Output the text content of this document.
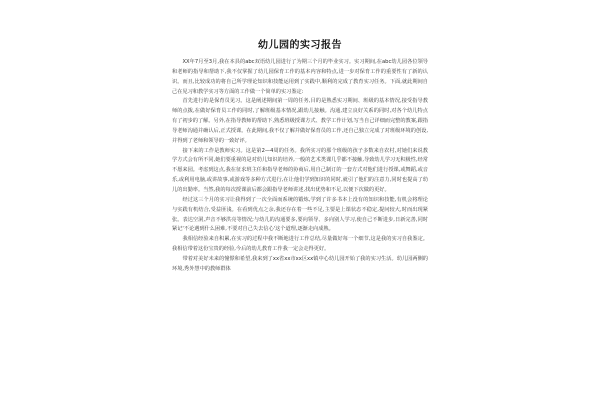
幼儿园的实习报告

XX年7月至3月,我在本县的abc双语幼儿园进行了为期三个月的毕业实习。实习期间,在abc幼儿园各位领导和老师的指导和帮助下,我不仅掌握了幼儿园保育工作的基本内容和特点,进一步对保育工作的重要性有了新的认识。而且,比较成功的将自己所学理论知识和技能运用到了实践中,顺利的完成了教育实习任务。下面,就此期间自己在见习和教学实习等方面的工作做一个简单的实习鉴定:

首先进行的是保育员见习。这是阐述期间第一周的任务,目的是熟悉实习期间、班级的基本情况,接受指导教师的点拨,在做好保育员工作的同时,了解班级基本情况,跟幼儿接触。沟通,建立良好关系的同时,对各个幼儿特点有了初步的了解。另外,在指导教师的帮助下,熟悉班级授课方式、教学工作计划,写当自己详细而完整的教案,跟指导老师沟通并确认后,正式授课。在此期间,我不仅了解并做好保育员的工作,还自己独立完成了对班级环境的创设,并得到了老师和领导的一致好评。

接下来的工作是教师实习。这是第2—4周的任务。我所实习的那个班级的孩子多数来自农村,对她们来说教学方式会有所不同,她们要重视的是对幼儿知识的培养,一般的艺术类课几乎都不接触,导致幼儿学习无积极性,经常不愿来园。考虑到这点,我在征求班主任和指导老师的协商后,用自己制订的一套方式对他们进行授课,或舞蹈,或音乐,或利用电脑,或讲故事,或游戏等多种方式进行,在让他们学到知识的同时,就引了他们的注意力,同时也提高了幼儿的出勤率。当然,我的每次授课前后都会跟指导老师讲述,找出优势和不足,以便下次做的更好。

经过这三个月的实习让我得到了一次全面而系统的锻炼,学到了许多书本上没有的知识和技能,有机会将理论与实践有机结合,受益匪浅。在看到优点之余,我还存在着一些不足,主要是上课状态不稳定,提问较大,时而出现紧张。表达空洞,声音不够洪亮等情况;与幼儿的沟通要多,要向领导、多向别人学习,使自己不断进步,日新完善,同时紧记'不论遇到什么困难,不要对自己失去信心'这个道理,逐渐走向成熟。

我相信经验来自积累,在实习的过程中我不断地进行工作总结,尽量做好每一个细节,这是我的实习自我鉴定。我相信带着这份宝贵的经验,今后的幼儿教育工作我一定会走得更好。

带着对美好未来的憧憬和希望,我来到了xx省xx市xx区xx镇中心幼儿园开始了我的实习生活。幼儿园两侧的环境,秀外慧中的教师群体
